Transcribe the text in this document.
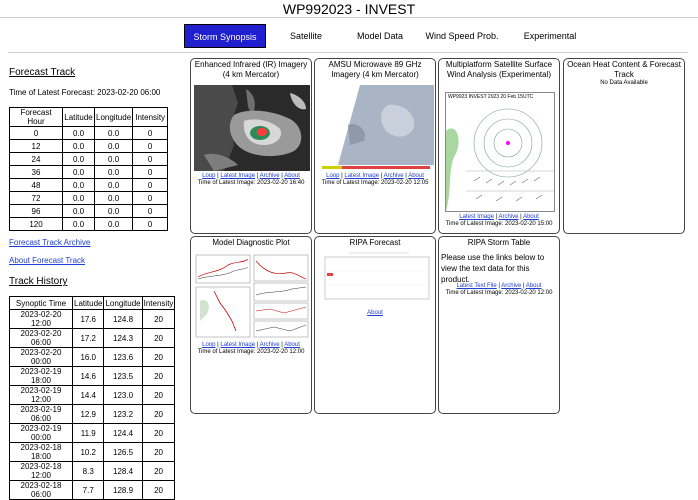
WP992023 - INVEST
Storm Synopsis	Satellite	Model Data	Wind Speed Prob.	Experimental
Forecast Track
Time of Latest Forecast: 2023-02-20 06:00
Forecast Hour	Latitude	Longitude	Intensity
0	0.0	0.0	0
12	0.0	0.0	0
24	0.0	0.0	0
36	0.0	0.0	0
48	0.0	0.0	0
72	0.0	0.0	0
96	0.0	0.0	0
120	0.0	0.0	0
Forecast Track Archive
About Forecast Track
Track History
Synoptic Time	Latitude	Longitude	Intensity
2023-02-20 12:00	17.6	124.8	20
2023-02-20 06:00	17.2	124.3	20
2023-02-20 00:00	16.0	123.6	20
2023-02-19 18:00	14.6	123.5	20
2023-02-19 12:00	14.4	123.0	20
2023-02-19 06:00	12.9	123.2	20
2023-02-19 00:00	11.9	124.4	20
2023-02-18 18:00	10.2	126.5	20
2023-02-18 12:00	8.3	128.4	20
2023-02-18 06:00	7.7	128.9	20
Enhanced Infrared (IR) Imagery (4 km Mercator)
Loop | Latest Image | Archive | About
Time of Latest Image: 2023-02-20 16:40
AMSU Microwave 89 GHz Imagery (4 km Mercator)
Loop | Latest Image | Archive | About
Time of Latest Image: 2023-02-20 12:05
Multiplatform Satellite Surface Wind Analysis (Experimental)
WP9923 INVEST 2023 20 Feb 15UTC
Latest Image | Archive | About
Time of Latest Image: 2023-02-20 15:00
Ocean Heat Content & Forecast Track
No Data Available
Model Diagnostic Plot
Loop | Latest Image | Archive | About
Time of Latest Image: 2023-02-20 12:00
RIPA Forecast
About
RIPA Storm Table
Please use the links below to view the text data for this product.
Latest Text File | Archive | About
Time of Latest Image: 2023-02-20 12:00
